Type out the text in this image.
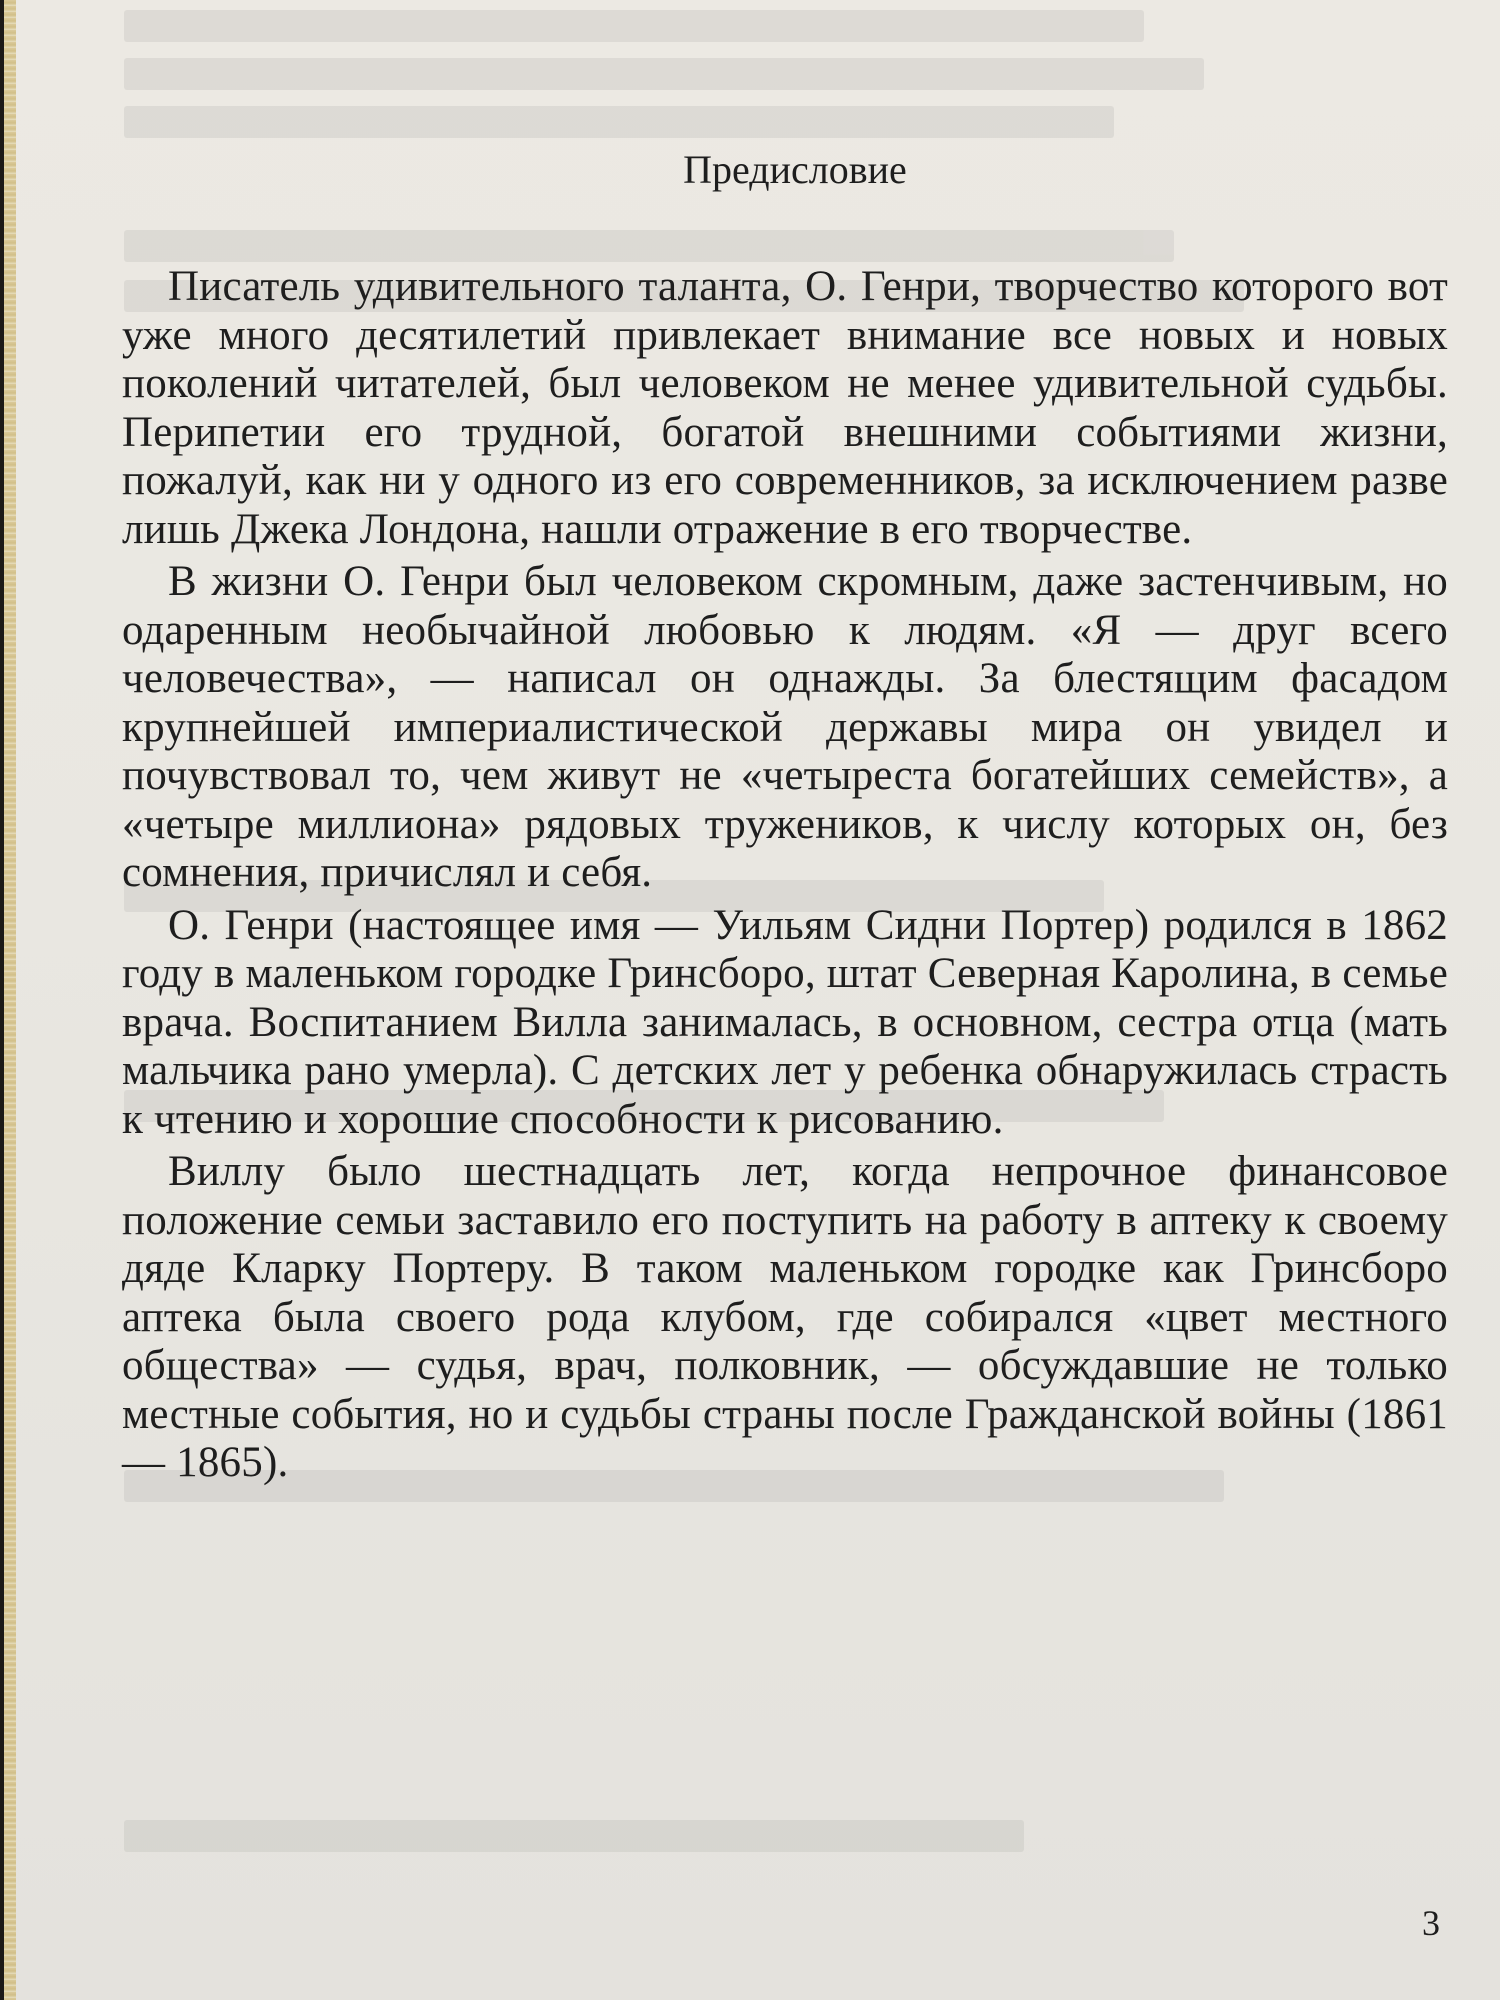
Предисловие

Писатель удивительного таланта, О. Генри, творчество которого вот уже много десятилетий привлекает внимание все новых и новых поколений читателей, был человеком не менее удивительной судьбы. Перипетии его трудной, богатой внешними событиями жизни, пожалуй, как ни у одного из его современников, за исключением разве лишь Джека Лондона, нашли отражение в его творчестве.

В жизни О. Генри был человеком скромным, даже застенчивым, но одаренным необычайной любовью к людям. «Я — друг всего человечества», — написал он однажды. За блестящим фасадом крупнейшей империалистической державы мира он увидел и почувствовал то, чем живут не «четыреста богатейших семейств», а «четыре миллиона» рядовых тружеников, к числу которых он, без сомнения, причислял и себя.

О. Генри (настоящее имя — Уильям Сидни Портер) родился в 1862 году в маленьком городке Гринсборо, штат Северная Каролина, в семье врача. Воспитанием Вилла занималась, в основном, сестра отца (мать мальчика рано умерла). С детских лет у ребенка обнаружилась страсть к чтению и хорошие способности к рисованию.

Виллу было шестнадцать лет, когда непрочное финансовое положение семьи заставило его поступить на работу в аптеку к своему дяде Кларку Портеру. В таком маленьком городке как Гринсборо аптека была своего рода клубом, где собирался «цвет местного общества» — судья, врач, полковник, — обсуждавшие не только местные события, но и судьбы страны после Гражданской войны (1861 — 1865).

3
